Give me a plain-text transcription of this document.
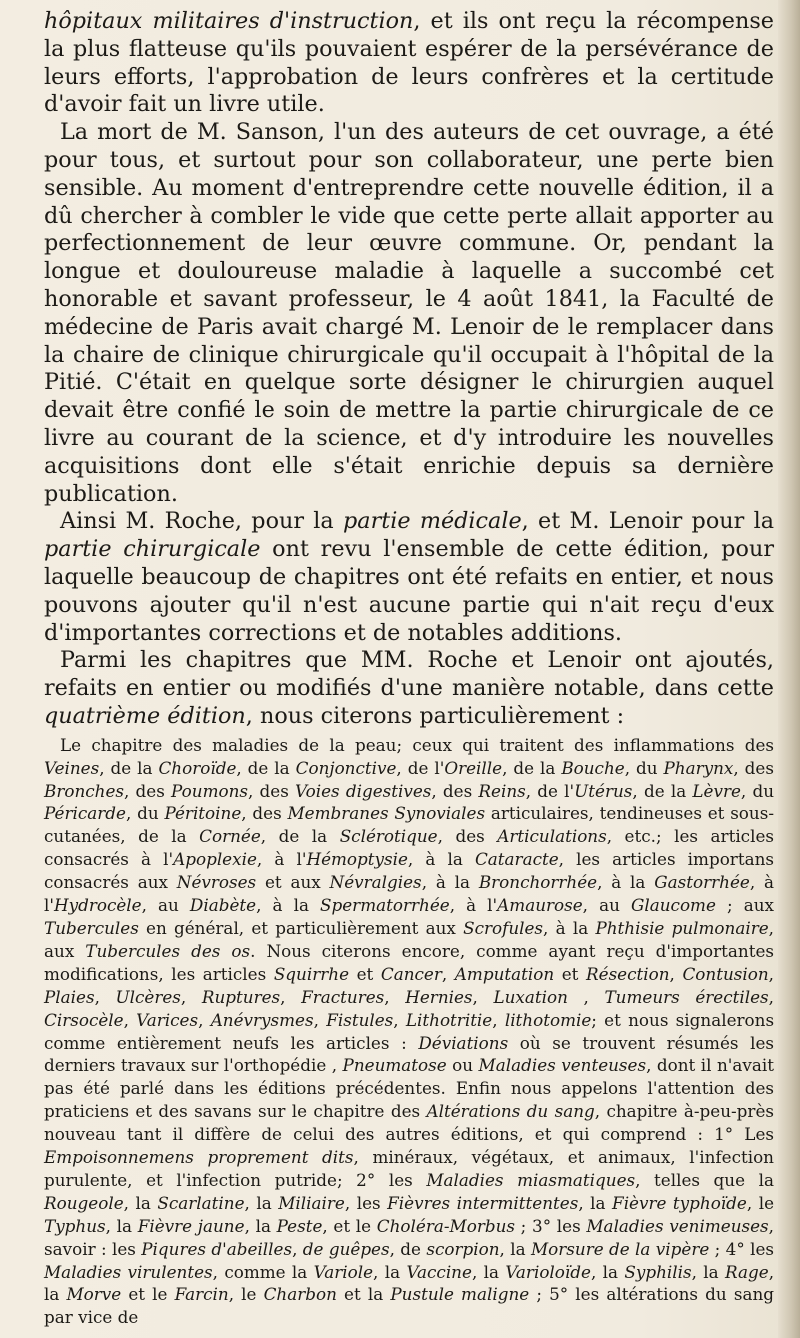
hôpitaux militaires d'instruction, et ils ont reçu la récompense la plus flatteuse qu'ils pouvaient espérer de la persévérance de leurs efforts, l'approbation de leurs confrères et la certitude d'avoir fait un livre utile.

La mort de M. Sanson, l'un des auteurs de cet ouvrage, a été pour tous, et surtout pour son collaborateur, une perte bien sensible. Au moment d'entreprendre cette nouvelle édition, il a dû chercher à combler le vide que cette perte allait apporter au perfectionnement de leur œuvre commune. Or, pendant la longue et douloureuse maladie à laquelle a succombé cet honorable et savant professeur, le 4 août 1841, la Faculté de médecine de Paris avait chargé M. Lenoir de le remplacer dans la chaire de clinique chirurgicale qu'il occupait à l'hôpital de la Pitié. C'était en quelque sorte désigner le chirurgien auquel devait être confié le soin de mettre la partie chirurgicale de ce livre au courant de la science, et d'y introduire les nouvelles acquisitions dont elle s'était enrichie depuis sa dernière publication.

Ainsi M. Roche, pour la partie médicale, et M. Lenoir pour la partie chirurgicale ont revu l'ensemble de cette édition, pour laquelle beaucoup de chapitres ont été refaits en entier, et nous pouvons ajouter qu'il n'est aucune partie qui n'ait reçu d'eux d'importantes corrections et de notables additions.

Parmi les chapitres que MM. Roche et Lenoir ont ajoutés, refaits en entier ou modifiés d'une manière notable, dans cette quatrième édition, nous citerons particulièrement :

Le chapitre des maladies de la peau; ceux qui traitent des inflammations des Veines, de la Choroïde, de la Conjonctive, de l'Oreille, de la Bouche, du Pharynx, des Bronches, des Poumons, des Voies digestives, des Reins, de l'Utérus, de la Lèvre, du Péricarde, du Péritoine, des Membranes Synoviales articulaires, tendineuses et sous-cutanées, de la Cornée, de la Sclérotique, des Articulations, etc.; les articles consacrés à l'Apoplexie, à l'Hémoptysie, à la Cataracte, les articles importans consacrés aux Névroses et aux Névralgies, à la Bronchorrhée, à la Gastorrhée, à l'Hydrocèle, au Diabète, à la Spermatorrhée, à l'Amaurose, au Glaucome ; aux Tubercules en général, et particulièrement aux Scrofules, à la Phthisie pulmonaire, aux Tubercules des os. Nous citerons encore, comme ayant reçu d'importantes modifications, les articles Squirrhe et Cancer, Amputation et Résection, Contusion, Plaies, Ulcères, Ruptures, Fractures, Hernies, Luxation , Tumeurs érectiles, Cirsocèle, Varices, Anévrysmes, Fistules, Lithotritie, lithotomie; et nous signalerons comme entièrement neufs les articles : Déviations où se trouvent résumés les derniers travaux sur l'orthopédie , Pneumatose ou Maladies venteuses, dont il n'avait pas été parlé dans les éditions précédentes. Enfin nous appelons l'attention des praticiens et des savans sur le chapitre des Altérations du sang, chapitre à-peu-près nouveau tant il diffère de celui des autres éditions, et qui comprend : 1° Les Empoisonnemens proprement dits, minéraux, végétaux, et animaux, l'infection purulente, et l'infection putride; 2° les Maladies miasmatiques, telles que la Rougeole, la Scarlatine, la Miliaire, les Fièvres intermittentes, la Fièvre typhoïde, le Typhus, la Fièvre jaune, la Peste, et le Choléra-Morbus ; 3° les Maladies venimeuses, savoir : les Piqures d'abeilles, de guêpes, de scorpion, la Morsure de la vipère ; 4° les Maladies virulentes, comme la Variole, la Vaccine, la Varioloïde, la Syphilis, la Rage, la Morve et le Farcin, le Charbon et la Pustule maligne ; 5° les altérations du sang par vice de
